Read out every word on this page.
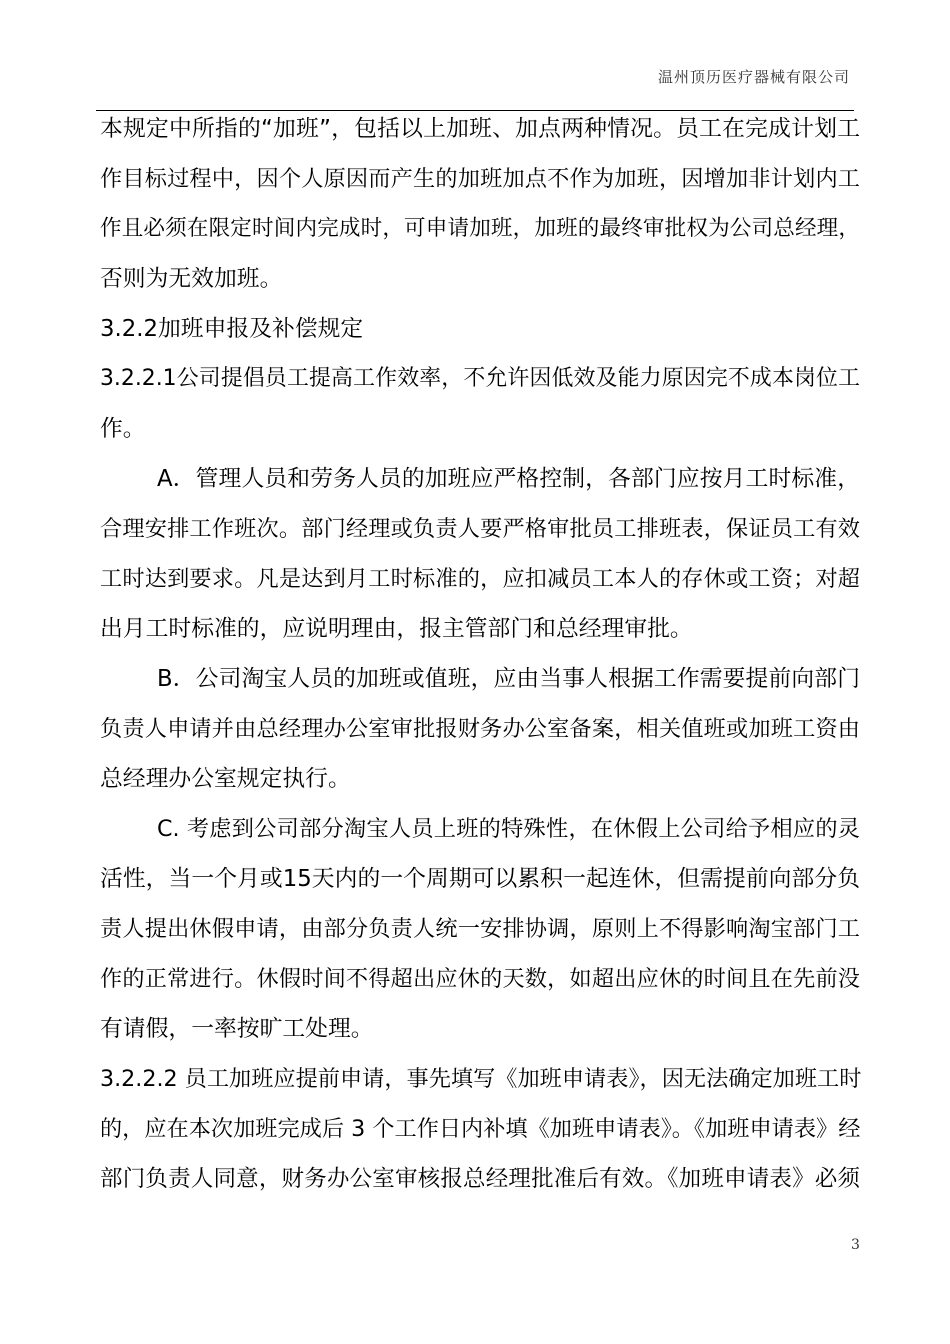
温州顶历医疗器械有限公司
本规定中所指的“加班”，包括以上加班、加点两种情况。员工在完成计划工
作目标过程中，因个人原因而产生的加班加点不作为加班，因增加非计划内工
作且必须在限定时间内完成时，可申请加班，加班的最终审批权为公司总经理，
否则为无效加班。
3.2.2加班申报及补偿规定
3.2.2.1公司提倡员工提高工作效率，不允许因低效及能力原因完不成本岗位工
作。
A．管理人员和劳务人员的加班应严格控制，各部门应按月工时标准，
合理安排工作班次。部门经理或负责人要严格审批员工排班表，保证员工有效
工时达到要求。凡是达到月工时标准的，应扣减员工本人的存休或工资；对超
出月工时标准的，应说明理由，报主管部门和总经理审批。
B．公司淘宝人员的加班或值班，应由当事人根据工作需要提前向部门
负责人申请并由总经理办公室审批报财务办公室备案，相关值班或加班工资由
总经理办公室规定执行。
C. 考虑到公司部分淘宝人员上班的特殊性，在休假上公司给予相应的灵
活性，当一个月或15天内的一个周期可以累积一起连休，但需提前向部分负
责人提出休假申请，由部分负责人统一安排协调，原则上不得影响淘宝部门工
作的正常进行。休假时间不得超出应休的天数，如超出应休的时间且在先前没
有请假，一率按旷工处理。
3.2.2.2 员工加班应提前申请，事先填写《加班申请表》，因无法确定加班工时
的，应在本次加班完成后 3 个工作日内补填《加班申请表》。《加班申请表》经
部门负责人同意，财务办公室审核报总经理批准后有效。《加班申请表》必须
3
